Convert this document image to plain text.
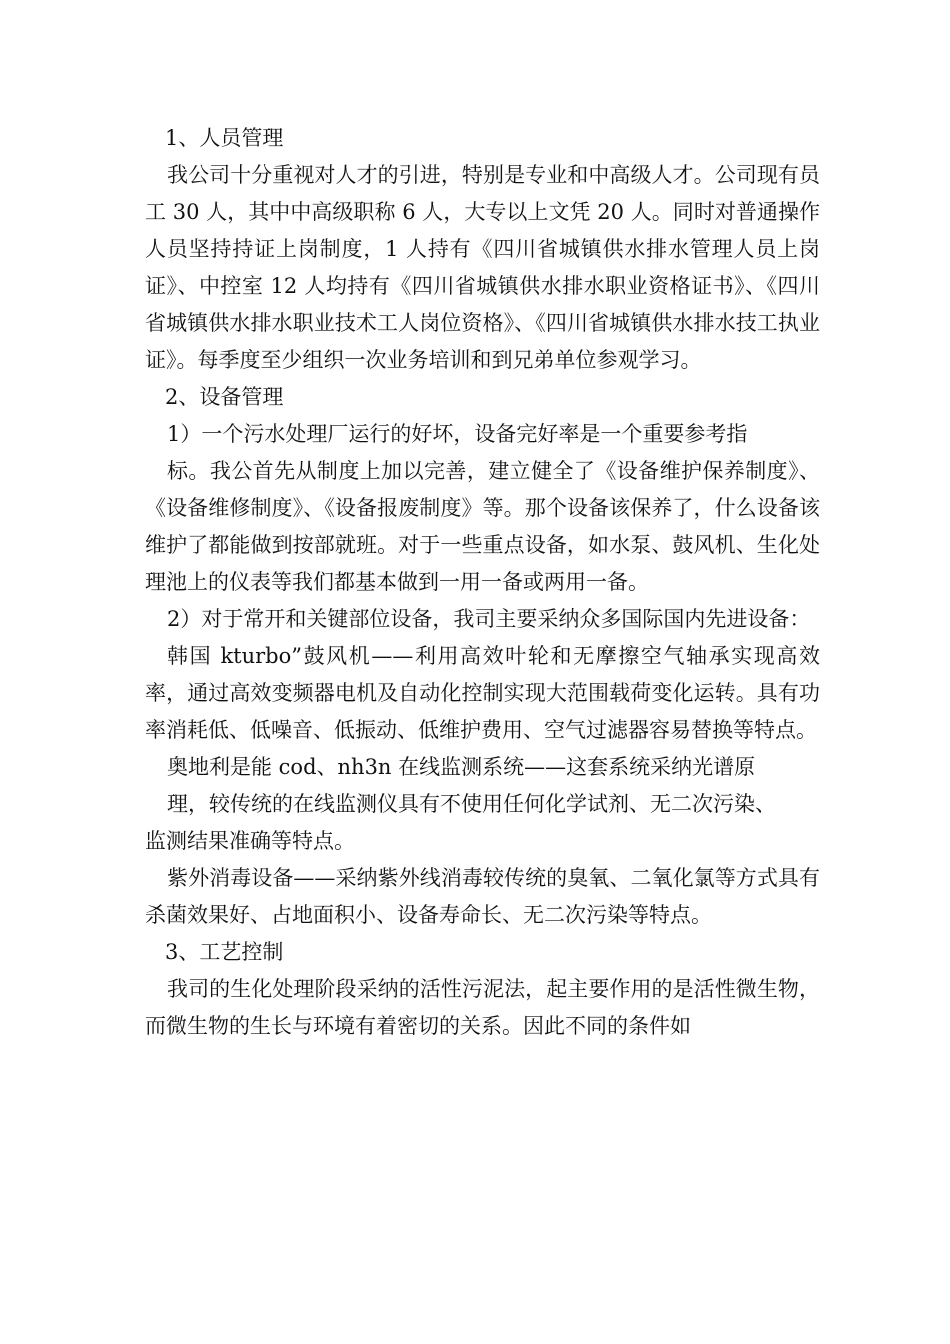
1、人员管理

我公司十分重视对人才的引进，特别是专业和中高级人才。公司现有员工 30 人，其中中高级职称 6 人，大专以上文凭 20 人。同时对普通操作人员坚持持证上岗制度，1 人持有《四川省城镇供水排水管理人员上岗证》、中控室 12 人均持有《四川省城镇供水排水职业资格证书》、《四川省城镇供水排水职业技术工人岗位资格》、《四川省城镇供水排水技工执业证》。每季度至少组织一次业务培训和到兄弟单位参观学习。

2、设备管理

1）一个污水处理厂运行的好坏，设备完好率是一个重要参考指

标。我公首先从制度上加以完善，建立健全了《设备维护保养制度》、《设备维修制度》、《设备报废制度》等。那个设备该保养了，什么设备该维护了都能做到按部就班。对于一些重点设备，如水泵、鼓风机、生化处理池上的仪表等我们都基本做到一用一备或两用一备。

2）对于常开和关键部位设备，我司主要采纳众多国际国内先进设备：

韩国 kturbo”鼓风机——利用高效叶轮和无摩擦空气轴承实现高效率，通过高效变频器电机及自动化控制实现大范围载荷变化运转。具有功率消耗低、低噪音、低振动、低维护费用、空气过滤器容易替换等特点。

奥地利是能 cod、nh3n 在线监测系统——这套系统采纳光谱原

理，较传统的在线监测仪具有不使用任何化学试剂、无二次污染、

监测结果准确等特点。

紫外消毒设备——采纳紫外线消毒较传统的臭氧、二氧化氯等方式具有杀菌效果好、占地面积小、设备寿命长、无二次污染等特点。

3、工艺控制

我司的生化处理阶段采纳的活性污泥法，起主要作用的是活性微生物，而微生物的生长与环境有着密切的关系。因此不同的条件如
